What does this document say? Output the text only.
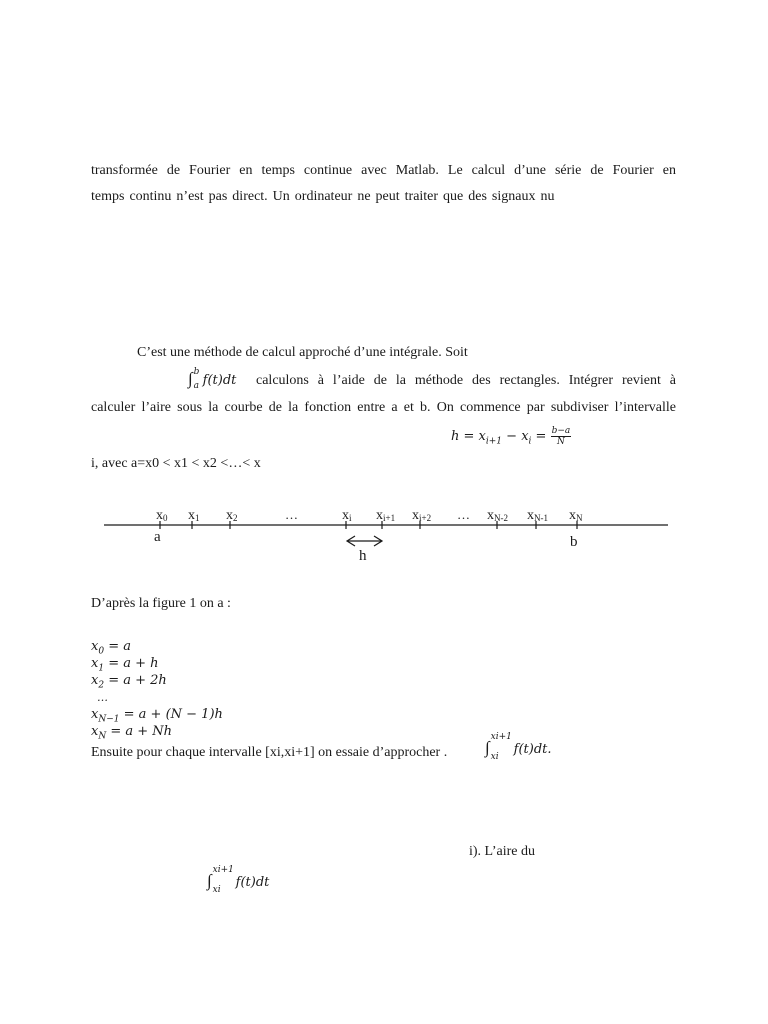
transformée de Fourier en temps continue avec Matlab. Le calcul d’une série de Fourier en
temps continu n’est pas direct. Un ordinateur ne peut traiter que des signaux nu
C’est une méthode de calcul approché d’une intégrale. Soit
∫ b
a f(t)dt calculons à l’aide de la méthode des rectangles. Intégrer revient à
calculer l’aire sous la courbe de la fonction entre a et b. On commence par subdiviser l’intervalle
$h = x_{i+1} - x_i = \frac{b-a}{N}$
i, avec a=x0 < x1 < x2 <…< x
x0 x1 x2	…	xi xi+1 xi+2 … xN-2 xN-1 xN
a	b
h
D’après la figure 1 on a :
$x_0 = a$
$x_1 = a + h$
$x_2 = a + 2h$
…
$x_{N-1} = a + (N - 1)h$
$x_N = a + Nh$
Ensuite pour chaque intervalle [xi,xi+1] on essaie d’approcher . ∫
xi+1
xi f(t)dt.
i). L’aire du
∫
xi+1
xi f(t)dt
